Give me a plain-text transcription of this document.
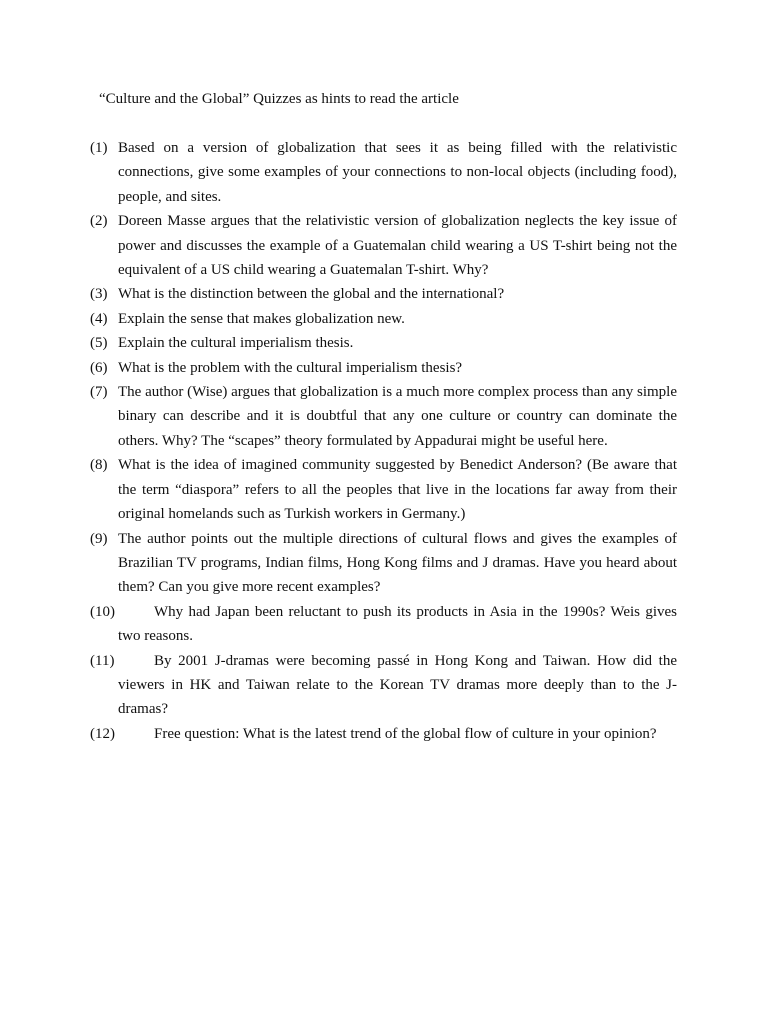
“Culture and the Global” Quizzes as hints to read the article
(1) Based on a version of globalization that sees it as being filled with the relativistic connections, give some examples of your connections to non-local objects (including food), people, and sites.
(2) Doreen Masse argues that the relativistic version of globalization neglects the key issue of power and discusses the example of a Guatemalan child wearing a US T-shirt being not the equivalent of a US child wearing a Guatemalan T-shirt. Why?
(3) What is the distinction between the global and the international?
(4) Explain the sense that makes globalization new.
(5) Explain the cultural imperialism thesis.
(6) What is the problem with the cultural imperialism thesis?
(7) The author (Wise) argues that globalization is a much more complex process than any simple binary can describe and it is doubtful that any one culture or country can dominate the others. Why? The “scapes” theory formulated by Appadurai might be useful here.
(8) What is the idea of imagined community suggested by Benedict Anderson? (Be aware that the term “diaspora” refers to all the peoples that live in the locations far away from their original homelands such as Turkish workers in Germany.)
(9) The author points out the multiple directions of cultural flows and gives the examples of Brazilian TV programs, Indian films, Hong Kong films and J dramas. Have you heard about them? Can you give more recent examples?
(10)	Why had Japan been reluctant to push its products in Asia in the 1990s? Weis gives two reasons.
(11)	By 2001 J-dramas were becoming passé in Hong Kong and Taiwan. How did the viewers in HK and Taiwan relate to the Korean TV dramas more deeply than to the J-dramas?
(12)	Free question: What is the latest trend of the global flow of culture in your opinion?
